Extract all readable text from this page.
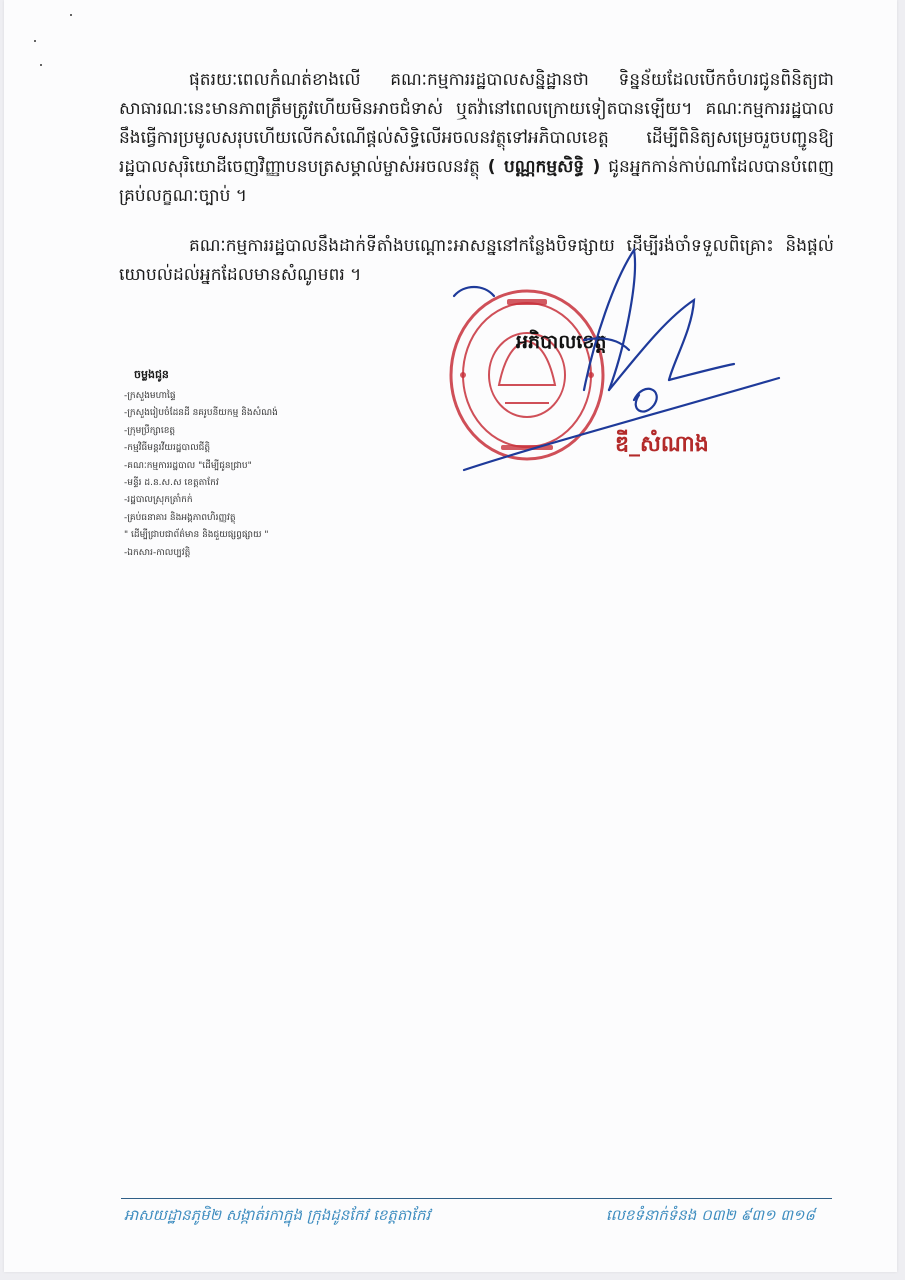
ផុតរយៈពេលកំណត់ខាងលើ គណៈកម្មការរដ្ឋបាលសន្និដ្ឋានថា ទិន្នន័យដែលបើកចំហរជូនពិនិត្យជាសាធារណៈនេះមានភាពត្រឹមត្រូវហើយមិនអាចជំទាស់ ឬតវ៉ានៅពេលក្រោយទៀតបានឡើយ។ គណៈកម្មការរដ្ឋបាលនឹងធ្វើការប្រមូលសរុបហើយលើកសំណើផ្តល់សិទ្ធិលើអចលនវត្ថុទៅអភិបាលខេត្ត ដើម្បីពិនិត្យសម្រេចរួចបញ្ជូនឱ្យរដ្ឋបាលសុរិយោដីចេញវិញ្ញាបនបត្រសម្គាល់ម្ចាស់អចលនវត្ថុ ( បណ្ណកម្មសិទ្ធិ ) ជូនអ្នកកាន់កាប់ណាដែលបានបំពេញគ្រប់លក្ខណៈច្បាប់ ។

គណៈកម្មការរដ្ឋបាលនឹងដាក់ទីតាំងបណ្តោះអាសន្ននៅកន្លែងបិទផ្សាយ ដើម្បីរង់ចាំទទួលពិគ្រោះ និងផ្តល់យោបល់ដល់អ្នកដែលមានសំណូមពរ ។

អភិបាលខេត្ត
ឌី_សំណាង
ចម្លងជូន
-ក្រសួងមហាផ្ទៃ
-ក្រសួងរៀបចំដែនដី នគរូបនីយកម្ម និងសំណង់
-ក្រុមប្រឹក្សាខេត្ត
-កម្មវិធីមន្តរវីយរដ្ឋបាលជីត្តិ
-គណៈកម្មការរដ្ឋបាល "ដើម្បីជូនជ្រាប"
-មន្ទីរ ដ.ន.ស.ស ខេត្តតាកែវ
-រដ្ឋបាលស្រុកត្រាំកក់
-គ្រប់ធនាគារ និងអង្គភាពហិរញ្ញវត្ថុ
" ដើម្បីជ្រាបជាព័ត៌មាន និងជួយផ្សព្វផ្សាយ "
-ឯកសារ-កាលប្បវត្តិ
អាសយដ្ឋានភូមិ២ សង្កាត់រកាក្នុង ក្រុងដូនកែវ ខេត្តតាកែវ	លេខទំនាក់ទំនង ០៣២ ៩៣១ ៣១៨
